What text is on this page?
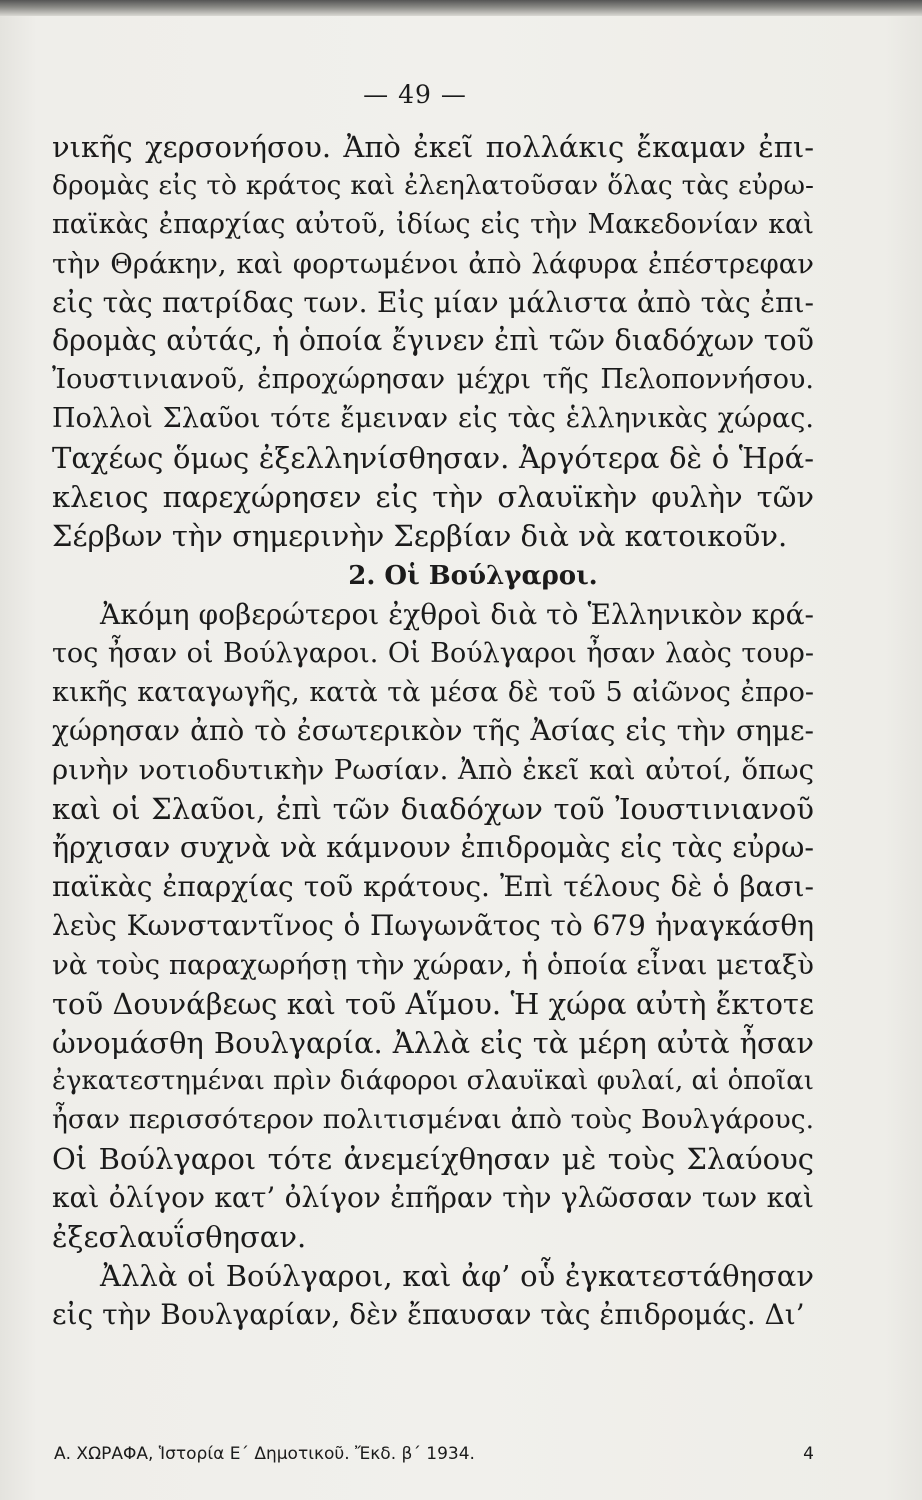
— 49 —
νικῆς χερσονήσου. Ἀπὸ ἐκεῖ πολλάκις ἔκαμαν ἐπι-
δρομὰς εἰς τὸ κράτος καὶ ἐλεηλατοῦσαν ὅλας τὰς εὐρω-
παϊκὰς ἐπαρχίας αὐτοῦ, ἰδίως εἰς τὴν Μακεδονίαν καὶ
τὴν Θράκην, καὶ φορτωμένοι ἀπὸ λάφυρα ἐπέστρεφαν
εἰς τὰς πατρίδας των. Εἰς μίαν μάλιστα ἀπὸ τὰς ἐπι-
δρομὰς αὐτάς, ἡ ὁποία ἔγινεν ἐπὶ τῶν διαδόχων τοῦ
Ἰουστινιανοῦ, ἐπροχώρησαν μέχρι τῆς Πελοποννήσου.
Πολλοὶ Σλαῦοι τότε ἔμειναν εἰς τὰς ἑλληνικὰς χώρας.
Ταχέως ὅμως ἐξελληνίσθησαν. Ἀργότερα δὲ ὁ Ἡρά-
κλειος παρεχώρησεν εἰς τὴν σλαυϊκὴν φυλὴν τῶν
Σέρβων τὴν σημερινὴν Σερβίαν διὰ νὰ κατοικοῦν.
2. Οἱ Βούλγαροι.
Ἀκόμη φοβερώτεροι ἐχθροὶ διὰ τὸ Ἑλληνικὸν κρά-
τος ἦσαν οἱ Βούλγαροι. Οἱ Βούλγαροι ἦσαν λαὸς τουρ-
κικῆς καταγωγῆς, κατὰ τὰ μέσα δὲ τοῦ 5 αἰῶνος ἐπρο-
χώρησαν ἀπὸ τὸ ἐσωτερικὸν τῆς Ἀσίας εἰς τὴν σημε-
ρινὴν νοτιοδυτικὴν Ρωσίαν. Ἀπὸ ἐκεῖ καὶ αὐτοί, ὅπως
καὶ οἱ Σλαῦοι, ἐπὶ τῶν διαδόχων τοῦ Ἰουστινιανοῦ
ἤρχισαν συχνὰ νὰ κάμνουν ἐπιδρομὰς εἰς τὰς εὐρω-
παϊκὰς ἐπαρχίας τοῦ κράτους. Ἐπὶ τέλους δὲ ὁ βασι-
λεὺς Κωνσταντῖνος ὁ Πωγωνᾶτος τὸ 679 ἠναγκάσθη
νὰ τοὺς παραχωρήσῃ τὴν χώραν, ἡ ὁποία εἶναι μεταξὺ
τοῦ Δουνάβεως καὶ τοῦ Αἵμου. Ἡ χώρα αὐτὴ ἔκτοτε
ὠνομάσθη Βουλγαρία. Ἀλλὰ εἰς τὰ μέρη αὐτὰ ἦσαν
ἐγκατεστημέναι πρὶν διάφοροι σλαυϊκαὶ φυλαί, αἱ ὁποῖαι
ἦσαν περισσότερον πολιτισμέναι ἀπὸ τοὺς Βουλγάρους.
Οἱ Βούλγαροι τότε ἀνεμείχθησαν μὲ τοὺς Σλαύους
καὶ ὀλίγον κατ’ ὀλίγον ἐπῆραν τὴν γλῶσσαν των καὶ
ἐξεσλαυΐσθησαν.
Ἀλλὰ οἱ Βούλγαροι, καὶ ἀφ’ οὗ ἐγκατεστάθησαν
εἰς τὴν Βουλγαρίαν, δὲν ἔπαυσαν τὰς ἐπιδρομάς. Δι’
Α. ΧΩΡΑΦΑ, Ἱστορία Ε΄ Δημοτικοῦ. Ἔκδ. β΄ 1934.	4
